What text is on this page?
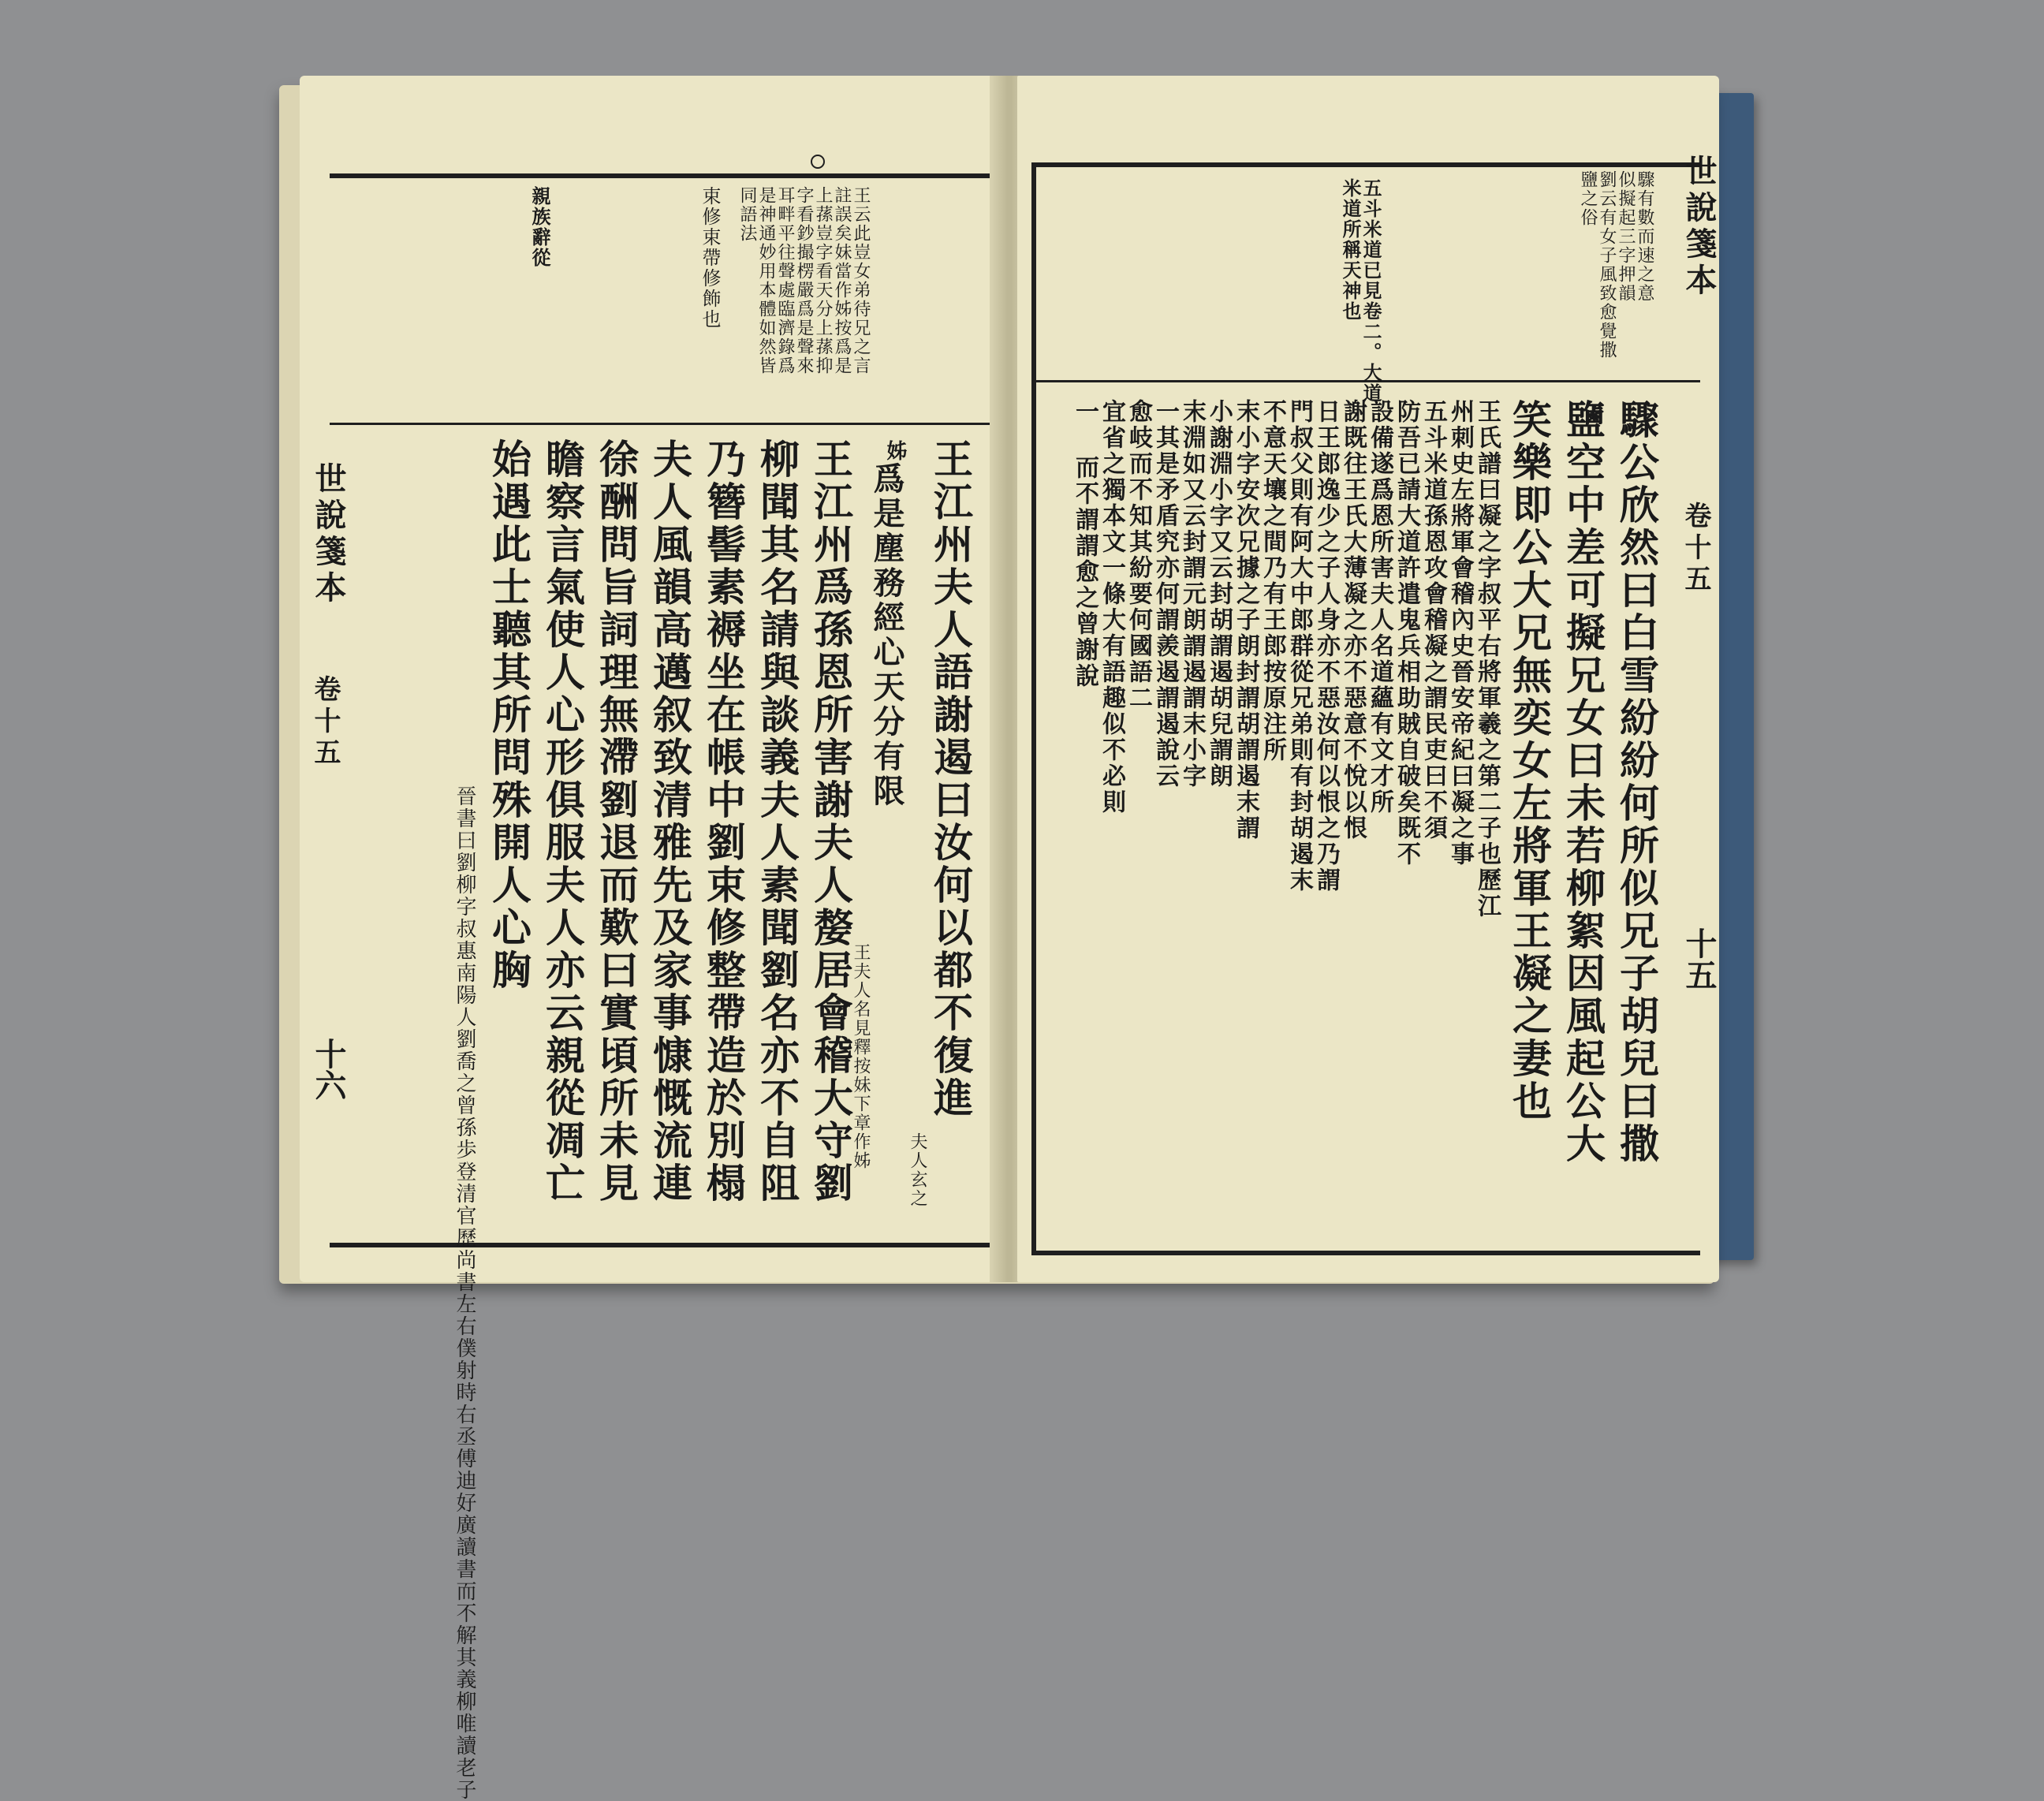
世說箋本
卷十五
十六
王云此豈女弟待兄之言
註誤矣妹當作姊按爲是
上蓀豈字看天分上蓀抑
字看鈔撮楞嚴爲是聲來
耳畔平往聲處臨濟錄爲
是神通妙用本體如然皆
同語法
束修束帶修飾也
親族辭從
王江州夫人語謝遏曰汝何以都不復進
夫人玄之
姊
爲是塵務經心天分有限
王夫人名見釋按妹下章作姊
王江州爲孫恩所害謝夫人嫠居會稽大守劉
柳聞其名請與談義夫人素聞劉名亦不自阻
乃簪髻素褥坐在帳中劉束修整帶造於別榻
夫人風韻高邁叙致清雅先及家事慷慨流連
徐酬問旨詞理無滯劉退而歎曰實頃所未見
瞻察言氣使人心形俱服夫人亦云親從凋亡
始遇此士聽其所問殊開人心胸
晉書曰劉柳字叔惠南陽人劉喬之曾孫歩登清官歷尚書左右僕射時右丞傅迪好廣讀書而不解其義柳唯讀老子
世說箋本
卷十五
十五
驟有數而速之意
似擬起三字押韻
劉云有女子風致愈覺撒
鹽之俗
五斗米道已見卷二。大道
米道所稱天神也
驟公欣然曰白雪紛紛何所似兄子胡兒曰撒
鹽空中差可擬兄女曰未若柳絮因風起公大
笑樂即公大兄無奕女左將軍王凝之妻也
王氏譜曰凝之字叔平右將軍羲之第二子也歷江
州刺史左將軍會稽內史晉安帝紀曰凝之事
五斗米道孫恩攻會稽凝之謂民吏曰不須
防吾已請大道許遣鬼兵相助賊自破矣既不
設備遂爲恩所害夫人名道蘊有文才所
謝既往王氏大薄凝之亦不惡意不悅以恨
日王郎逸少之子人身亦不惡汝何以恨之乃謂
門叔父則有阿大中郎群從兄弟則有封胡遏末
不意天壤之間乃有王郎按原注所
末小字安次兄據之子朗封謂胡謂遏末謂
小謝淵小字又云封胡謂遏胡兒謂朗
末淵如又云封謂元朗謂遏謂末小字
一其是矛盾究亦何謂羨遏謂遏說云
愈岐而不知其紛要何國語二
宜省之獨本文一條大有語趣似不必則
一 而不謂謂愈之曾謝說
